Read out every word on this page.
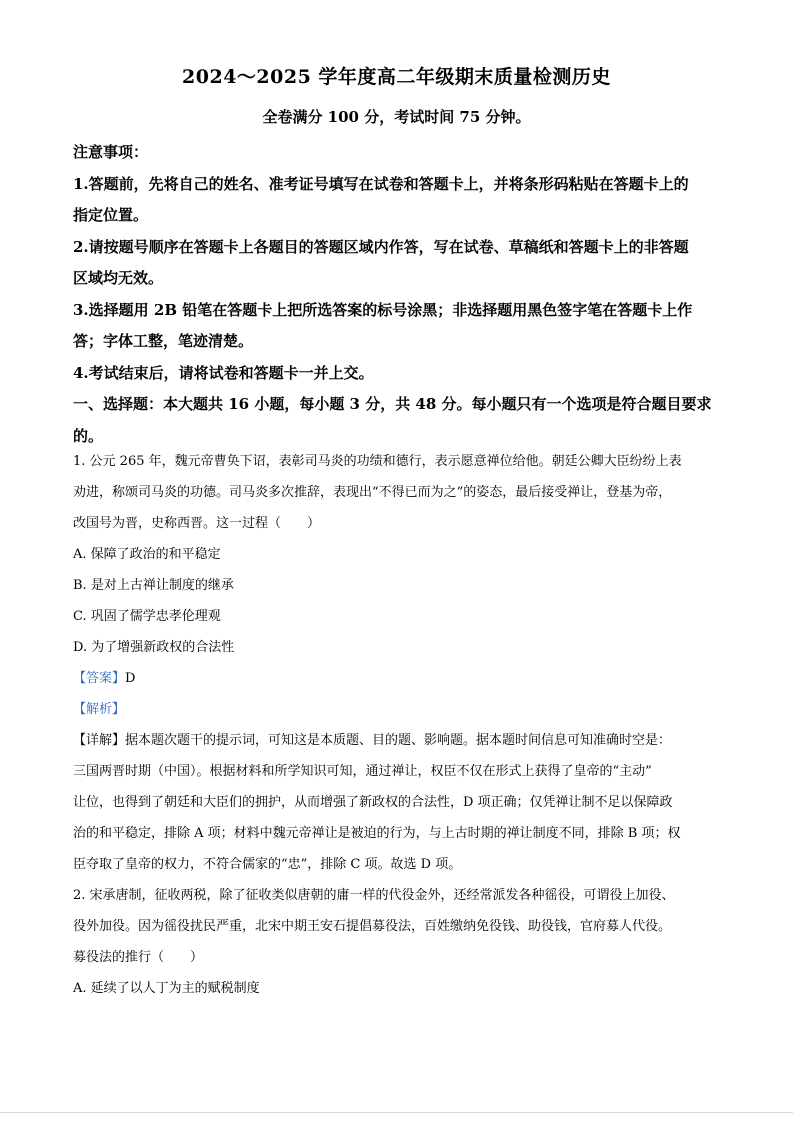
2024～2025 学年度高二年级期末质量检测历史
全卷满分 100 分，考试时间 75 分钟。
注意事项：
1.答题前，先将自己的姓名、准考证号填写在试卷和答题卡上，并将条形码粘贴在答题卡上的
指定位置。
2.请按题号顺序在答题卡上各题目的答题区域内作答，写在试卷、草稿纸和答题卡上的非答题
区域均无效。
3.选择题用 2B 铅笔在答题卡上把所选答案的标号涂黑；非选择题用黑色签字笔在答题卡上作
答；字体工整，笔迹清楚。
4.考试结束后，请将试卷和答题卡一并上交。
一、选择题：本大题共 16 小题，每小题 3 分，共 48 分。每小题只有一个选项是符合题目要求
的。
1. 公元 265 年，魏元帝曹奂下诏，表彰司马炎的功绩和德行，表示愿意禅位给他。朝廷公卿大臣纷纷上表
劝进，称颂司马炎的功德。司马炎多次推辞，表现出“不得已而为之”的姿态，最后接受禅让，登基为帝，
改国号为晋，史称西晋。这一过程（　　）
A. 保障了政治的和平稳定
B. 是对上古禅让制度的继承
C. 巩固了儒学忠孝伦理观
D. 为了增强新政权的合法性
【答案】D
【解析】
【详解】据本题次题干的提示词，可知这是本质题、目的题、影响题。据本题时间信息可知准确时空是：
三国两晋时期（中国）。根据材料和所学知识可知，通过禅让，权臣不仅在形式上获得了皇帝的“主动”
让位，也得到了朝廷和大臣们的拥护，从而增强了新政权的合法性，D 项正确；仅凭禅让制不足以保障政
治的和平稳定，排除 A 项；材料中魏元帝禅让是被迫的行为，与上古时期的禅让制度不同，排除 B 项；权
臣夺取了皇帝的权力，不符合儒家的“忠”，排除 C 项。故选 D 项。
2. 宋承唐制，征收两税，除了征收类似唐朝的庸一样的代役金外，还经常派发各种徭役，可谓役上加役、
役外加役。因为徭役扰民严重，北宋中期王安石提倡募役法，百姓缴纳免役钱、助役钱，官府募人代役。
募役法的推行（　　）
A. 延续了以人丁为主的赋税制度
